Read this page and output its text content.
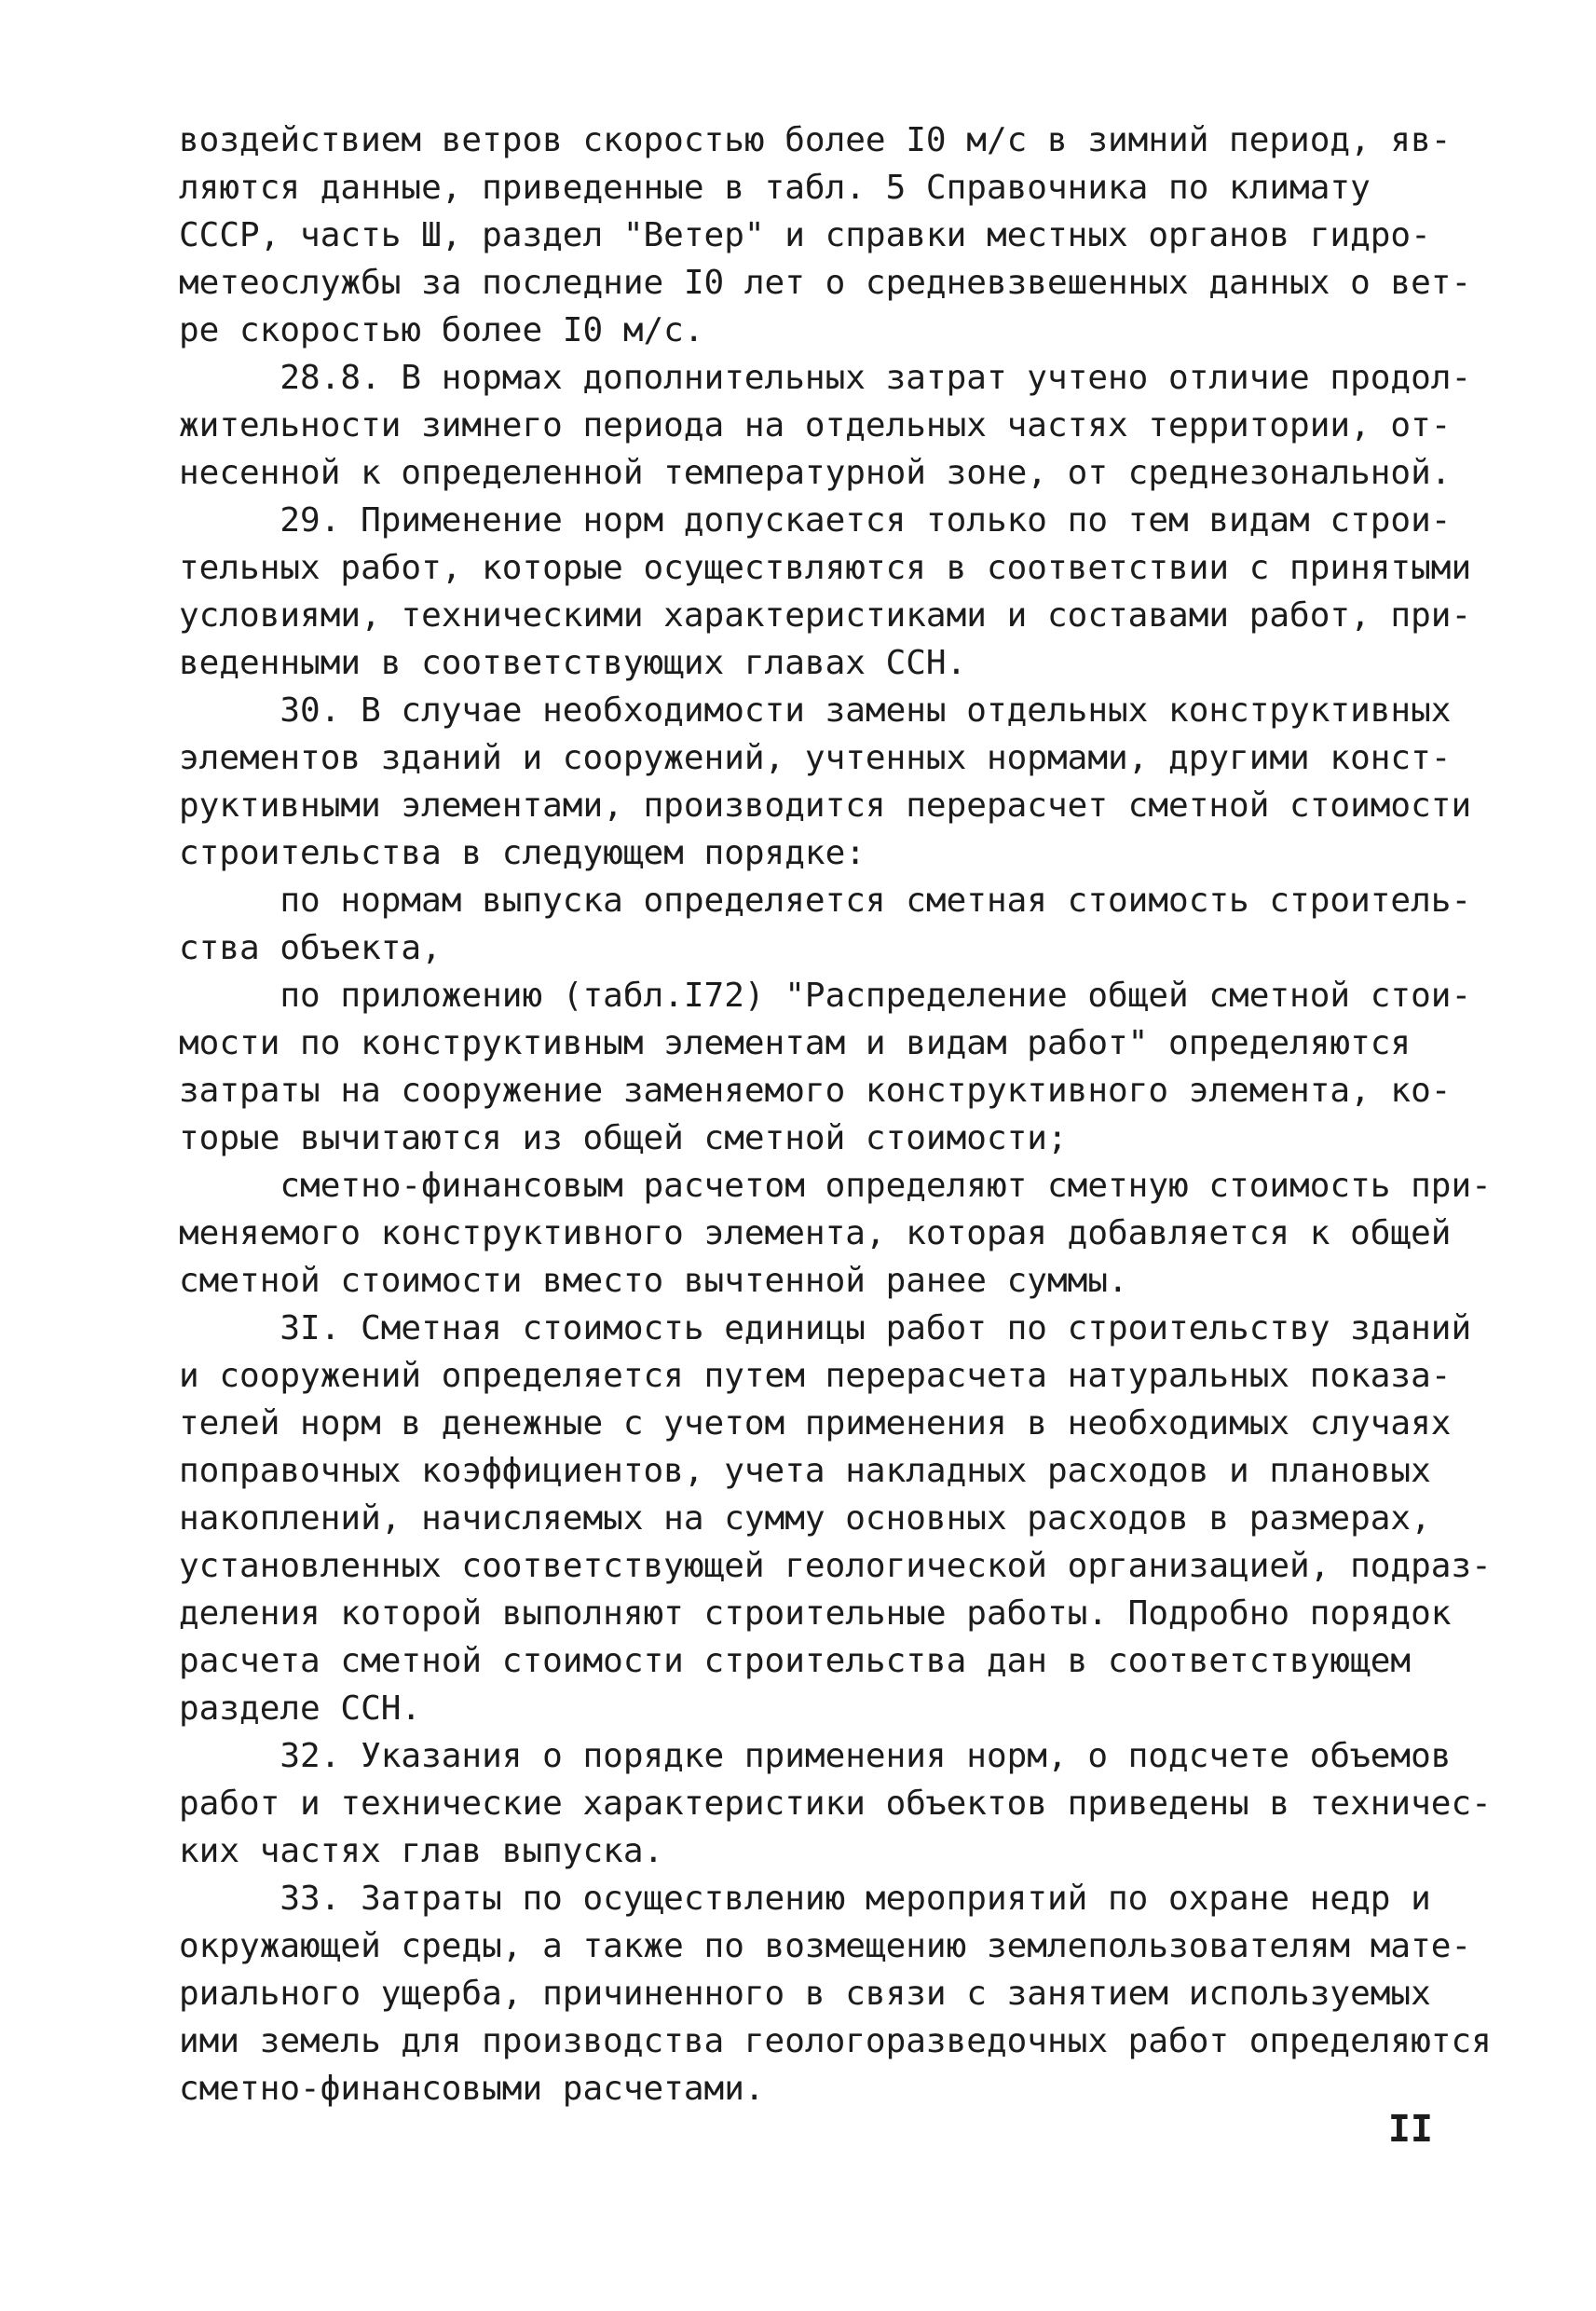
воздействием ветров скоростью более I0 м/с в зимний период, яв-
ляются данные, приведенные в табл. 5 Справочника по климату
СССР, часть Ш, раздел "Ветер" и справки местных органов гидро-
метеослужбы за последние I0 лет о средневзвешенных данных о вет-
ре скоростью более I0 м/с.
28.8. В нормах дополнительных затрат учтено отличие продол-
жительности зимнего периода на отдельных частях территории, от-
несенной к определенной температурной зоне, от среднезональной.
29. Применение норм допускается только по тем видам строи-
тельных работ, которые осуществляются в соответствии с принятыми
условиями, техническими характеристиками и составами работ, при-
веденными в соответствующих главах ССН.
30. В случае необходимости замены отдельных конструктивных
элементов зданий и сооружений, учтенных нормами, другими конст-
руктивными элементами, производится перерасчет сметной стоимости
строительства в следующем порядке:
по нормам выпуска определяется сметная стоимость строитель-
ства объекта,
по приложению (табл.I72) "Распределение общей сметной стои-
мости по конструктивным элементам и видам работ" определяются
затраты на сооружение заменяемого конструктивного элемента, ко-
торые вычитаются из общей сметной стоимости;
сметно-финансовым расчетом определяют сметную стоимость при-
меняемого конструктивного элемента, которая добавляется к общей
сметной стоимости вместо вычтенной ранее суммы.
3I. Сметная стоимость единицы работ по строительству зданий
и сооружений определяется путем перерасчета натуральных показа-
телей норм в денежные с учетом применения в необходимых случаях
поправочных коэффициентов, учета накладных расходов и плановых
накоплений, начисляемых на сумму основных расходов в размерах,
установленных соответствующей геологической организацией, подраз-
деления которой выполняют строительные работы. Подробно порядок
расчета сметной стоимости строительства дан в соответствующем
разделе ССН.
32. Указания о порядке применения норм, о подсчете объемов
работ и технические характеристики объектов приведены в техничес-
ких частях глав выпуска.
33. Затраты по осуществлению мероприятий по охране недр и
окружающей среды, а также по возмещению землепользователям мате-
риального ущерба, причиненного в связи с занятием используемых
ими земель для производства геологоразведочных работ определяются
сметно-финансовыми расчетами.
II
